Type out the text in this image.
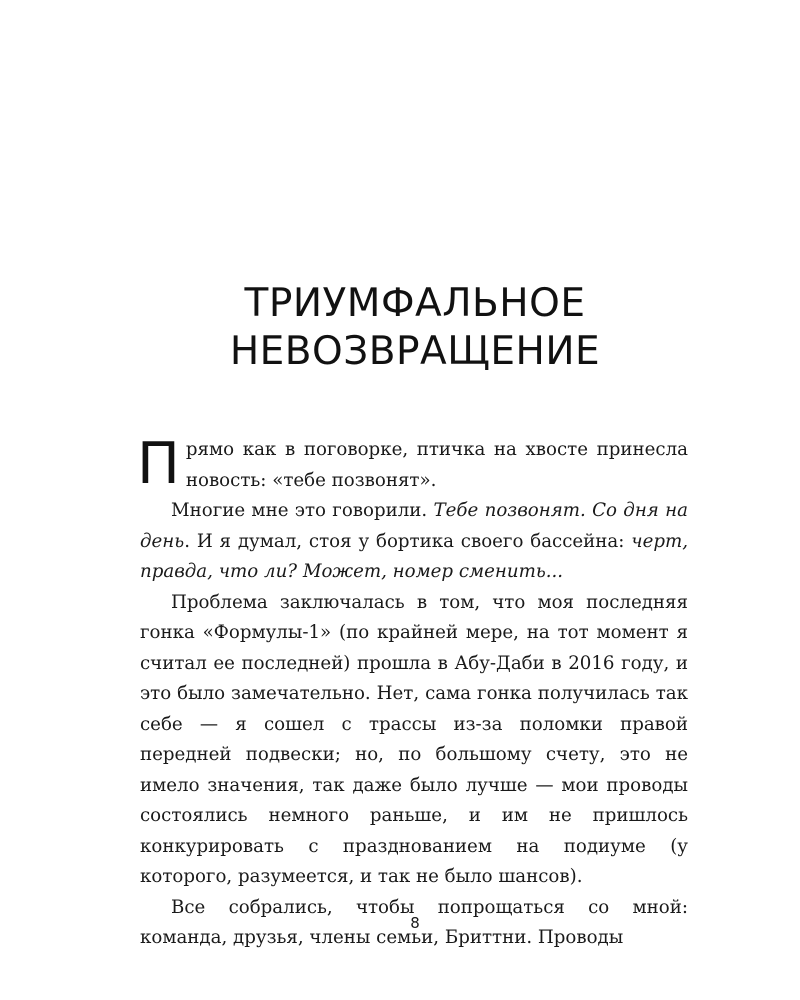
ТРИУМФАЛЬНОЕ
НЕВОЗВРАЩЕНИЕ

Прямо как в поговорке, птичка на хвосте принесла новость: «тебе позвонят».

Многие мне это говорили. Тебе позвонят. Со дня на день. И я думал, стоя у бортика своего бассейна: черт, правда, что ли? Может, номер сменить...

Проблема заключалась в том, что моя последняя гонка «Формулы-1» (по крайней мере, на тот момент я считал ее последней) прошла в Абу-Даби в 2016 году, и это было замечательно. Нет, сама гонка получилась так себе — я сошел с трассы из-за поломки правой передней подвески; но, по большому счету, это не имело значения, так даже было лучше — мои проводы состоялись немного раньше, и им не пришлось конкурировать с празднованием на подиуме (у которого, разумеется, и так не было шансов).

Все собрались, чтобы попрощаться со мной: команда, друзья, члены семьи, Бриттни. Проводы

8
